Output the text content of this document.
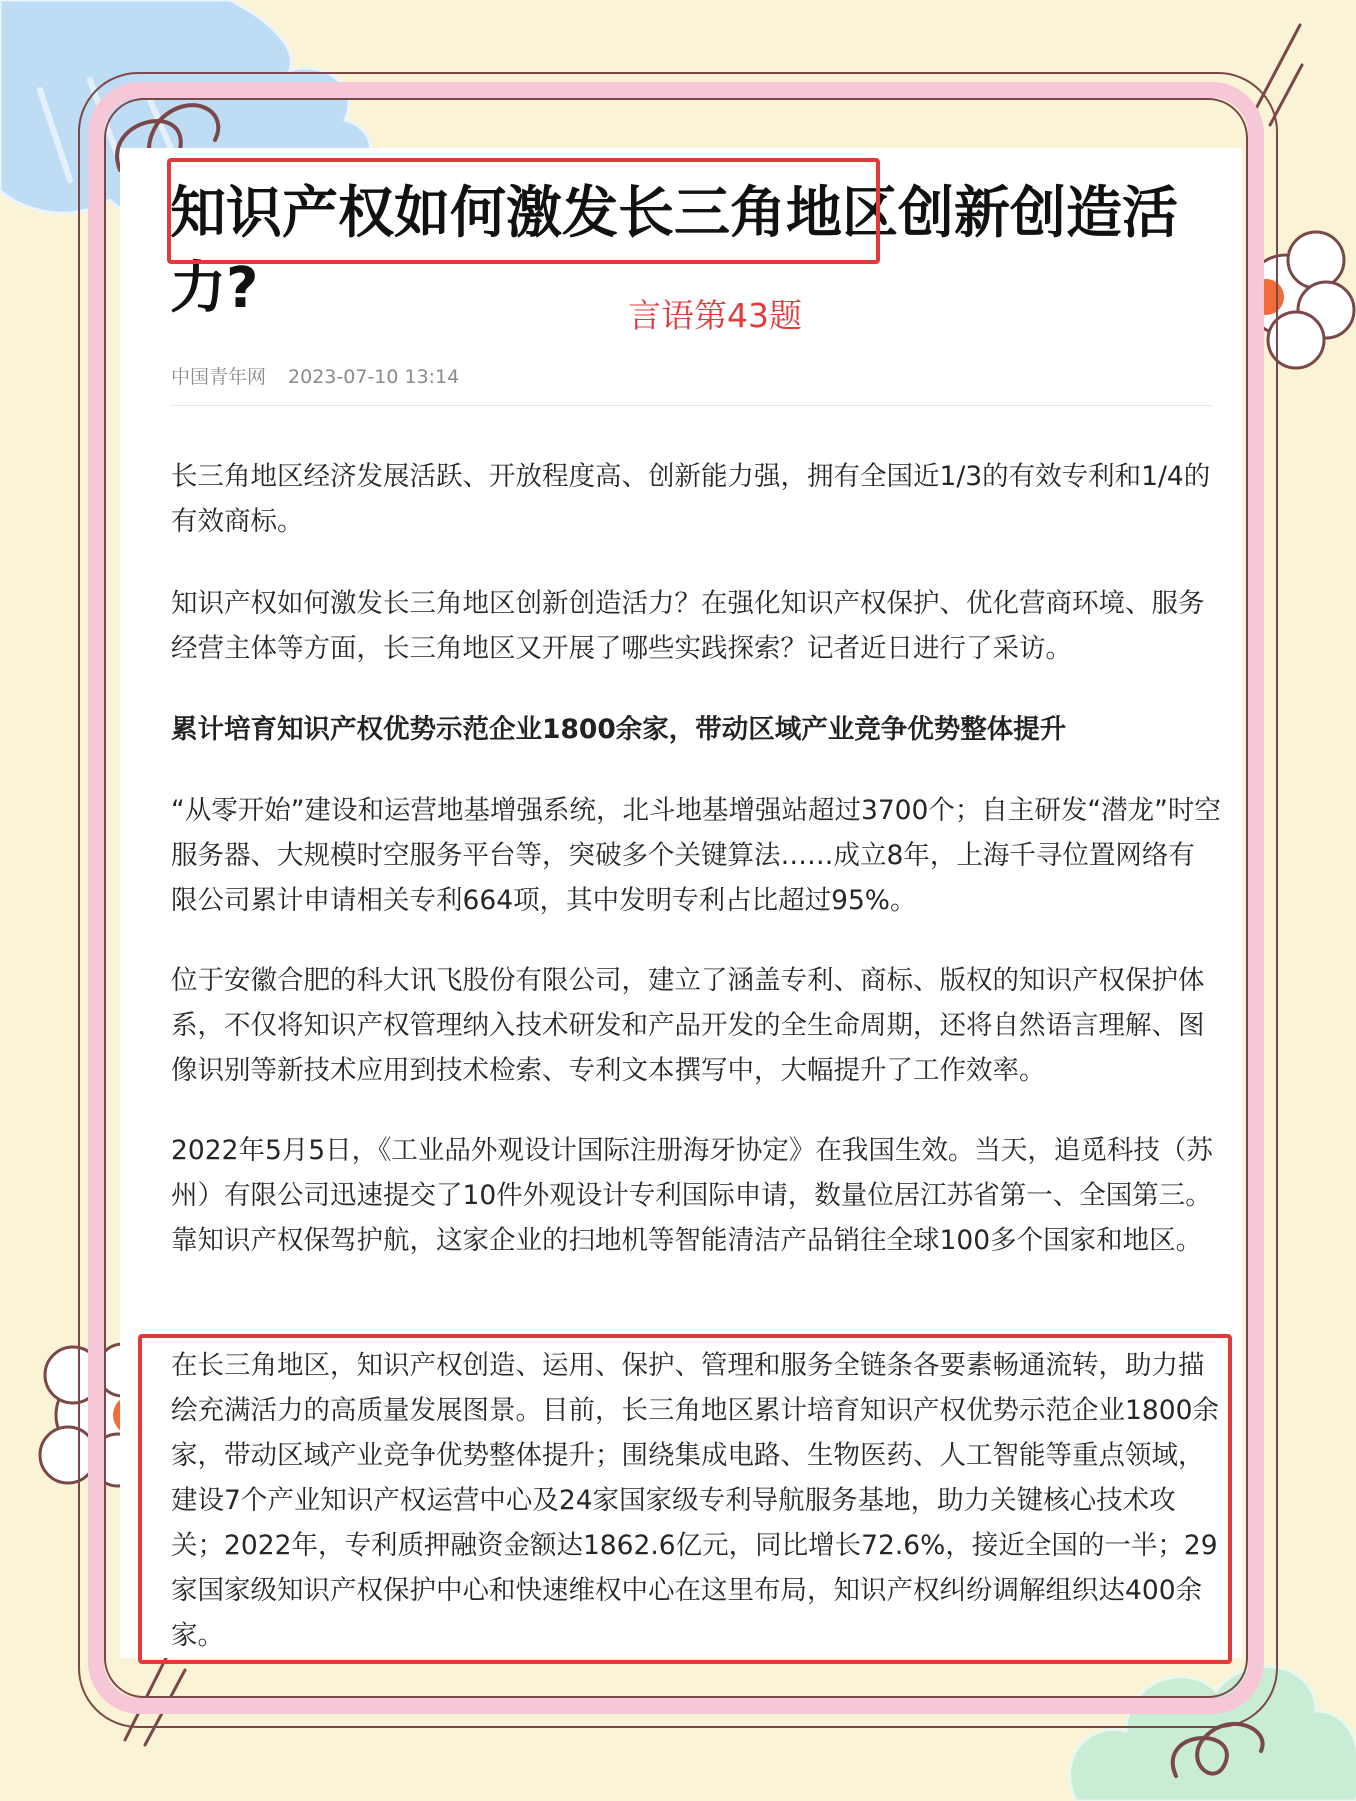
知识产权如何激发长三角地区创新创造活力?	言语第43题
中国青年网 2023-07-10 13:14

长三角地区经济发展活跃、开放程度高、创新能力强，拥有全国近1/3的有效专利和1/4的有效商标。

知识产权如何激发长三角地区创新创造活力？在强化知识产权保护、优化营商环境、服务经营主体等方面，长三角地区又开展了哪些实践探索？记者近日进行了采访。

累计培育知识产权优势示范企业1800余家，带动区域产业竞争优势整体提升

“从零开始”建设和运营地基增强系统，北斗地基增强站超过3700个；自主研发“潜龙”时空服务器、大规模时空服务平台等，突破多个关键算法……成立8年，上海千寻位置网络有限公司累计申请相关专利664项，其中发明专利占比超过95%。

位于安徽合肥的科大讯飞股份有限公司，建立了涵盖专利、商标、版权的知识产权保护体系，不仅将知识产权管理纳入技术研发和产品开发的全生命周期，还将自然语言理解、图像识别等新技术应用到技术检索、专利文本撰写中，大幅提升了工作效率。

2022年5月5日，《工业品外观设计国际注册海牙协定》在我国生效。当天，追觅科技（苏州）有限公司迅速提交了10件外观设计专利国际申请，数量位居江苏省第一、全国第三。靠知识产权保驾护航，这家企业的扫地机等智能清洁产品销往全球100多个国家和地区。

在长三角地区，知识产权创造、运用、保护、管理和服务全链条各要素畅通流转，助力描绘充满活力的高质量发展图景。目前，长三角地区累计培育知识产权优势示范企业1800余家，带动区域产业竞争优势整体提升；围绕集成电路、生物医药、人工智能等重点领域，建设7个产业知识产权运营中心及24家国家级专利导航服务基地，助力关键核心技术攻关；2022年，专利质押融资金额达1862.6亿元，同比增长72.6%，接近全国的一半；29家国家级知识产权保护中心和快速维权中心在这里布局，知识产权纠纷调解组织达400余家。
